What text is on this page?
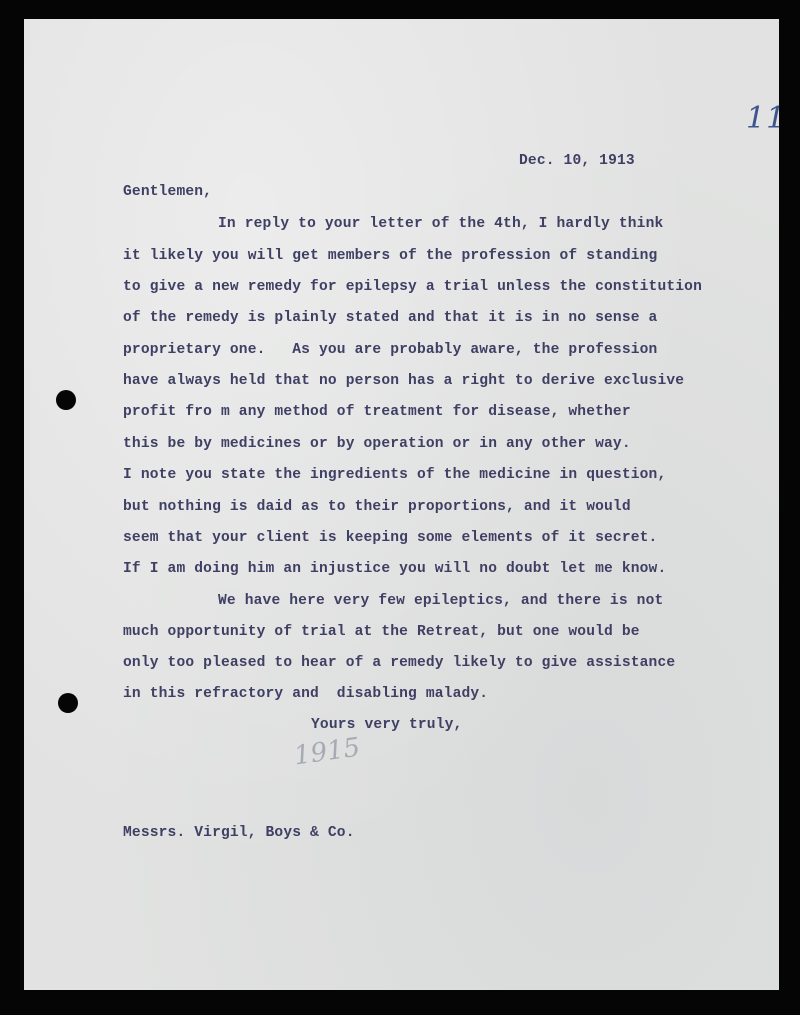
11
Dec. 10, 1913
Gentlemen,
In reply to your letter of the 4th, I hardly think
it likely you will get members of the profession of standing
to give a new remedy for epilepsy a trial unless the constitution
of the remedy is plainly stated and that it is in no sense a
proprietary one.   As you are probably aware, the profession
have always held that no person has a right to derive exclusive
profit fro m any method of treatment for disease, whether
this be by medicines or by operation or in any other way.
I note you state the ingredients of the medicine in question,
but nothing is daid as to their proportions, and it would
seem that your client is keeping some elements of it secret.
If I am doing him an injustice you will no doubt let me know.
We have here very few epileptics, and there is not
much opportunity of trial at the Retreat, but one would be
only too pleased to hear of a remedy likely to give assistance
in this refractory and  disabling malady.
Yours very truly,
1915
Messrs. Virgil, Boys & Co.
